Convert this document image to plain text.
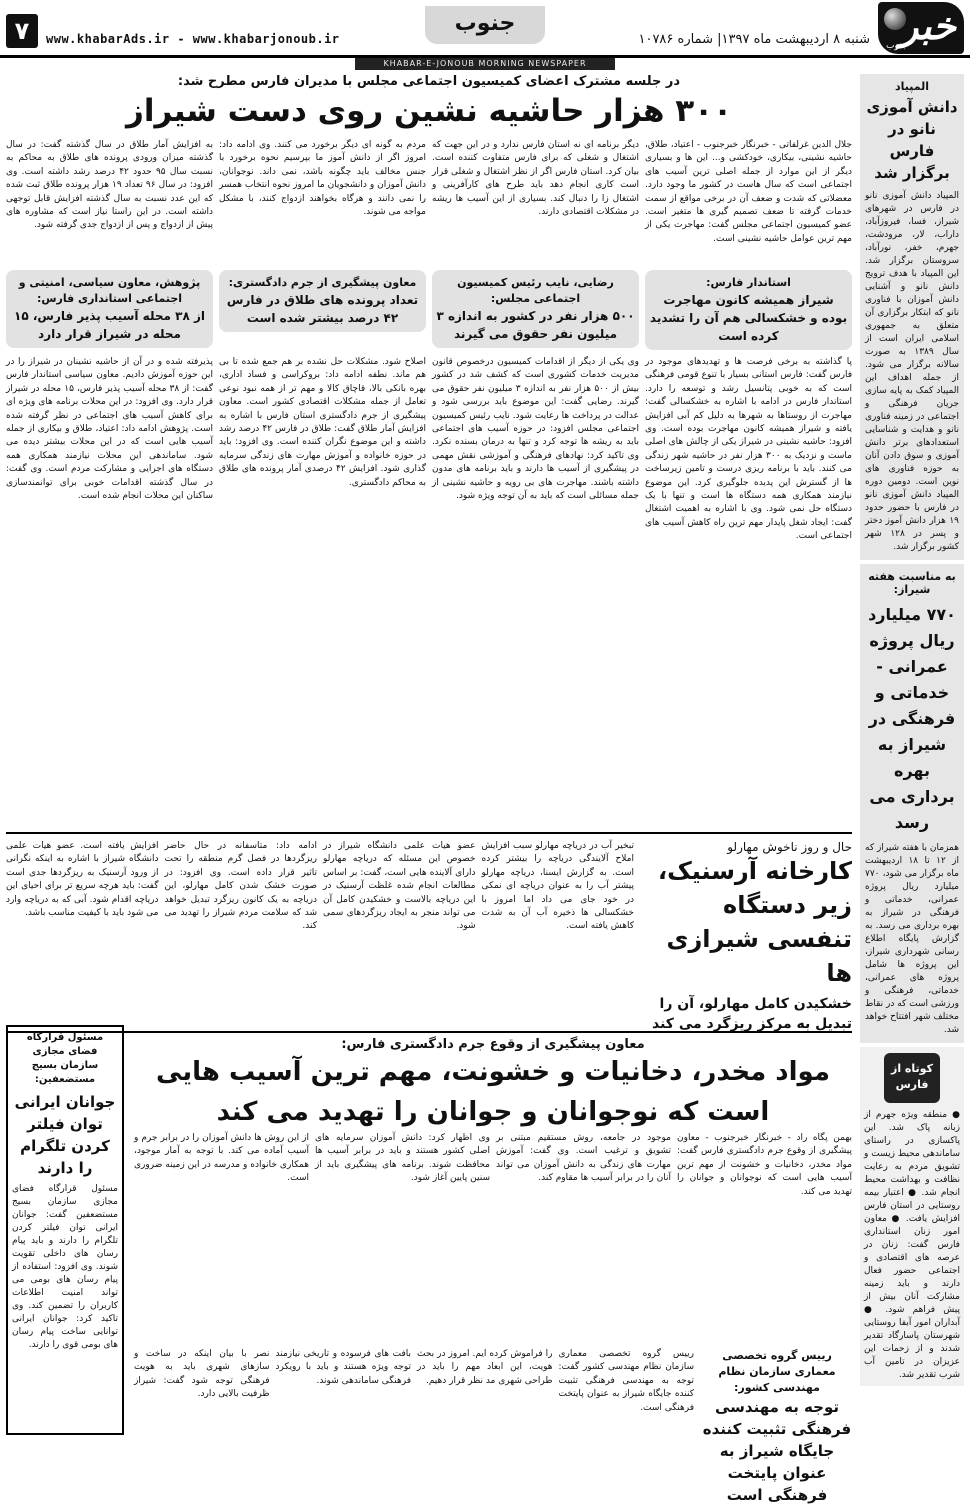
خبر
جنوب
شنبه ۸ اردیبهشت ماه ۱۳۹۷| شماره ۱۰۷۸۶
جنوب
www.khabarAds.ir - www.khabarjonoub.ir
۷
KHABAR-E-JONOUB MORNING NEWSPAPER
المپیاد
دانش آموزی نانو در فارس برگزار شد
المپیاد دانش آموزی نانو در فارس در شهرهای شیراز، فسا، فیروزآباد، داراب، لار، مرودشت، جهرم، خفر، نورآباد، سروستان برگزار شد. این المپیاد با هدف ترویج دانش نانو و آشنایی دانش آموزان با فناوری نانو که ابتکار برگزاری آن متعلق به جمهوری اسلامی ایران است از سال ۱۳۸۹ به صورت سالانه برگزار می شود. از جمله اهداف این المپیاد کمک به پایه سازی جریان فرهنگی و اجتماعی در زمینه فناوری نانو و هدایت و شناسایی استعدادهای برتر دانش آموزی و سوق دادن آنان به حوزه فناوری های نوین است. دومین دوره المپیاد دانش آموزی نانو در فارس با حضور حدود ۱۹ هزار دانش آموز دختر و پسر در ۱۲۸ شهر کشور برگزار شد.
به مناسبت هفته شیراز:
۷۷۰ میلیارد ریال پروژه عمرانی - خدماتی و فرهنگی در شیراز به بهره برداری می رسد
همزمان با هفته شیراز که از ۱۲ تا ۱۸ اردیبهشت ماه برگزار می شود، ۷۷۰ میلیارد ریال پروژه عمرانی، خدماتی و فرهنگی در شیراز به بهره برداری می رسد. به گزارش پایگاه اطلاع رسانی شهرداری شیراز، این پروژه ها شامل پروژه های عمرانی، خدماتی، فرهنگی و ورزشی است که در نقاط مختلف شهر افتتاح خواهد شد.
کوتاه از فارس
● منطقه ویژه جهرم از زبانه پاک شد. این پاکسازی در راستای ساماندهی محیط زیست و تشویق مردم به رعایت نظافت و بهداشت محیط انجام شد. ● اعتبار بیمه روستایی در استان فارس افزایش یافت. ● معاون امور زنان استانداری فارس گفت: زنان در عرصه های اقتصادی و اجتماعی حضور فعال دارند و باید زمینه مشارکت آنان بیش از پیش فراهم شود. ● آبداران امور آبفا روستایی شهرستان پاسارگاد تقدیر شدند و از زحمات این عزیزان در تامین آب شرب تقدیر شد.
در جلسه مشترک اعضای کمیسیون اجتماعی مجلس با مدیران فارس مطرح شد:
۳۰۰ هزار حاشیه نشین روی دست شیراز
جلال الدین غرلفاتی - خبرنگار خبرجنوب - اعتیاد، طلاق، حاشیه نشینی، بیکاری، خودکشی و... این ها و بسیاری دیگر از این موارد از جمله اصلی ترین آسیب های اجتماعی است که سال هاست در کشور ما وجود دارد. معضلاتی که شدت و ضعف آن در برخی مواقع از سمت خدمات گرفته تا ضعف تصمیم گیری ها متغیر است. عضو کمیسیون اجتماعی مجلس گفت: مهاجرت یکی از مهم ترین عوامل حاشیه نشینی است.
دیگر برنامه ای نه استان فارس ندارد و در این جهت که اشتغال و شغلی که برای فارس متفاوت کننده است. بیان کرد. استان فارس اگر از نظر اشتغال و شغلی قرار است کاری انجام دهد باید طرح های کارآفرینی و اشتغال زا را دنبال کند. بسیاری از این آسیب ها ریشه در مشکلات اقتصادی دارند.
مردم به گونه ای دیگر برخورد می کنند. وی ادامه داد: امروز اگر از دانش آموز ما بپرسیم نحوه برخورد با جنس مخالف باید چگونه باشد، نمی داند. نوجوانان، دانش آموزان و دانشجویان ما امروز نحوه انتخاب همسر را نمی دانند و هرگاه بخواهند ازدواج کنند، با مشکل مواجه می شوند.
به افزایش آمار طلاق در سال گذشته گفت: در سال گذشته میزان ورودی پرونده های طلاق به محاکم به نسبت سال ۹۵ حدود ۴۲ درصد رشد داشته است. وی افزود: در سال ۹۶ تعداد ۱۹ هزار پرونده طلاق ثبت شده که این عدد نسبت به سال گذشته افزایش قابل توجهی داشته است. در این راستا نیاز است که مشاوره های پیش از ازدواج و پس از ازدواج جدی گرفته شود.
استاندار فارس:
شیراز همیشه کانون مهاجرت بوده و خشکسالی هم آن را تشدید کرده است
رضایی، نایب رئیس کمیسیون اجتماعی مجلس:
۵۰۰ هزار نفر در کشور به اندازه ۳ میلیون نفر حقوق می گیرند
معاون پیشگیری از جرم دادگستری:
تعداد پرونده های طلاق در فارس ۴۲ درصد بیشتر شده است
پژوهش، معاون سیاسی، امنیتی و اجتماعی استانداری فارس:
از ۳۸ محله آسیب پذیر فارس، ۱۵ محله در شیراز قرار دارد
پا گذاشته به برخی فرصت ها و تهدیدهای موجود در فارس گفت: فارس استانی بسیار با تنوع قومی فرهنگی است که به خوبی پتانسیل رشد و توسعه را دارد. استاندار فارس در ادامه با اشاره به خشکسالی گفت: مهاجرت از روستاها به شهرها به دلیل کم آبی افزایش یافته و شیراز همیشه کانون مهاجرت بوده است. وی افزود: حاشیه نشینی در شیراز یکی از چالش های اصلی ماست و نزدیک به ۳۰۰ هزار نفر در حاشیه شهر زندگی می کنند. باید با برنامه ریزی درست و تامین زیرساخت ها از گسترش این پدیده جلوگیری کرد. این موضوع نیازمند همکاری همه دستگاه ها است و تنها با یک دستگاه حل نمی شود. وی با اشاره به اهمیت اشتغال گفت: ایجاد شغل پایدار مهم ترین راه کاهش آسیب های اجتماعی است.
وی یکی از دیگر از اقدامات کمیسیون درخصوص قانون مدیریت خدمات کشوری است که کشف شد در کشور بیش از ۵۰۰ هزار نفر به اندازه ۳ میلیون نفر حقوق می گیرند. رضایی گفت: این موضوع باید بررسی شود و عدالت در پرداخت ها رعایت شود. نایب رئیس کمیسیون اجتماعی مجلس افزود: در حوزه آسیب های اجتماعی باید به ریشه ها توجه کرد و تنها به درمان بسنده نکرد. وی تاکید کرد: نهادهای فرهنگی و آموزشی نقش مهمی در پیشگیری از آسیب ها دارند و باید برنامه های مدون داشته باشند. مهاجرت های بی رویه و حاشیه نشینی از جمله مسائلی است که باید به آن توجه ویژه شود.
اصلاح شود. مشکلات حل نشده بر هم جمع شده تا بی هم ماند. نطفه ادامه داد: بروکراسی و فساد اداری، بهره بانکی بالا، قاچاق کالا و مهم تر از همه نبود نوعی تعامل از جمله مشکلات اقتصادی کشور است. معاون پیشگیری از جرم دادگستری استان فارس با اشاره به افزایش آمار طلاق گفت: طلاق در فارس ۴۲ درصد رشد داشته و این موضوع نگران کننده است. وی افزود: باید در حوزه خانواده و آموزش مهارت های زندگی سرمایه گذاری شود. افزایش ۴۲ درصدی آمار پرونده های طلاق به محاکم دادگستری.
پذیرفته شده و در آن از حاشیه نشینان در شیراز را در این حوزه آموزش دادیم. معاون سیاسی استاندار فارس گفت: از ۳۸ محله آسیب پذیر فارس، ۱۵ محله در شیراز قرار دارد. وی افزود: در این محلات برنامه های ویژه ای برای کاهش آسیب های اجتماعی در نظر گرفته شده است. پژوهش ادامه داد: اعتیاد، طلاق و بیکاری از جمله آسیب هایی است که در این محلات بیشتر دیده می شود. ساماندهی این محلات نیازمند همکاری همه دستگاه های اجرایی و مشارکت مردم است. وی گفت: در سال گذشته اقدامات خوبی برای توانمندسازی ساکنان این محلات انجام شده است.
حال و روز ناخوش مهارلو
کارخانه آرسنیک، زیر دستگاه تنفسی شیرازی ها
خشکیدن کامل مهارلو، آن را تبدیل به مرکز ریزگرد می کند
تبخیر آب در دریاچه مهارلو سبب افزایش املاح آلایندگی دریاچه را بیشتر کرده است. به گزارش ایسنا، دریاچه مهارلو پیشتر آب را به عنوان دریاچه ای نمکی در خود جای می داد اما امروز با خشکسالی ها ذخیره آب آن به شدت کاهش یافته است.
عضو هیات علمی دانشگاه شیراز در خصوص این مسئله که دریاچه مهارلو دارای آلاینده هایی است، گفت: بر اساس مطالعات انجام شده غلظت آرسنیک در این دریاچه بالاست و خشکیدن کامل آن می تواند منجر به ایجاد ریزگردهای سمی شود.
ادامه داد: متاسفانه در حال حاضر ریزگردها در فصل گرم منطقه را تحت تاثیر قرار داده است. وی افزود: در صورت خشک شدن کامل مهارلو، این دریاچه به یک کانون ریزگرد تبدیل خواهد شد که سلامت مردم شیراز را تهدید می کند.
افزایش یافته است. عضو هیات علمی دانشگاه شیراز با اشاره به اینکه نگرانی از ورود آرسنیک به ریزگردها جدی است گفت: باید هرچه سریع تر برای احیای این دریاچه اقدام شود. آبی که به دریاچه وارد می شود باید با کیفیت مناسب باشد.
معاون پیشگیری از وقوع جرم دادگستری فارس:
مواد مخدر، دخانیات و خشونت، مهم ترین آسیب هایی است که نوجوانان و جوانان را تهدید می کند
بهمن پگاه راد - خبرنگار خبرجنوب - معاون پیشگیری از وقوع جرم دادگستری فارس گفت: مواد مخدر، دخانیات و خشونت از مهم ترین آسیب هایی است که نوجوانان و جوانان را تهدید می کند.
موجود در جامعه، روش مستقیم مبتنی بر تشویق و ترغیب است. وی گفت: آموزش مهارت های زندگی به دانش آموزان می تواند آنان را در برابر آسیب ها مقاوم کند.
وی اظهار کرد: دانش آموزان سرمایه های اصلی کشور هستند و باید در برابر آسیب ها محافظت شوند. برنامه های پیشگیری باید از سنین پایین آغاز شود.
از این روش ها دانش آموزان را در برابر جرم و آسیب آماده می کند. با توجه به آمار موجود، همکاری خانواده و مدرسه در این زمینه ضروری است.
رییس گروه تخصصی معماری سازمان نظام مهندسی کشور:
توجه به مهندسی فرهنگی تثبیت کننده جایگاه شیراز به عنوان پایتخت فرهنگی است
رییس گروه تخصصی معماری سازمان نظام مهندسی کشور گفت: توجه به مهندسی فرهنگی تثبیت کننده جایگاه شیراز به عنوان پایتخت فرهنگی است.
را فراموش کرده ایم. امروز در بحث هویت، این ابعاد مهم را باید در طراحی شهری مد نظر قرار دهیم.
بافت های فرسوده و تاریخی نیازمند توجه ویژه هستند و باید با رویکرد فرهنگی ساماندهی شوند.
نصر با بیان اینکه در ساخت و سازهای شهری باید به هویت فرهنگی توجه شود گفت: شیراز ظرفیت بالایی دارد.
مسئول قرارگاه فضای مجازی سازمان بسیج مستضعفین:
جوانان ایرانی توان فیلتر کردن تلگرام را دارند
مسئول قرارگاه فضای مجازی سازمان بسیج مستضعفین گفت: جوانان ایرانی توان فیلتر کردن تلگرام را دارند و باید پیام رسان های داخلی تقویت شوند. وی افزود: استفاده از پیام رسان های بومی می تواند امنیت اطلاعات کاربران را تضمین کند. وی تاکید کرد: جوانان ایرانی توانایی ساخت پیام رسان های بومی قوی را دارند.
